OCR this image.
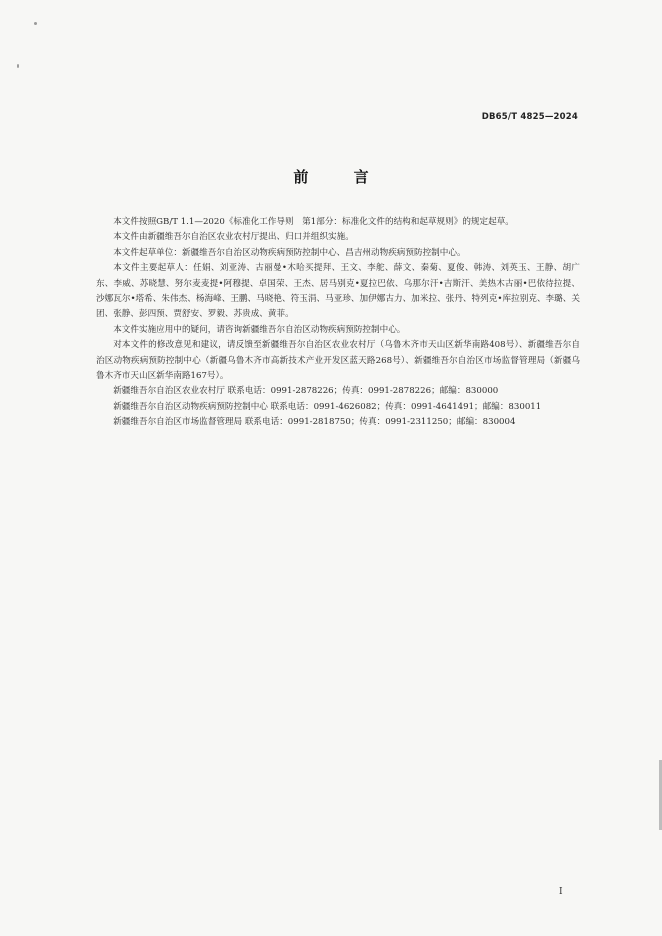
DB65/T 4825—2024
前 言

本文件按照GB/T 1.1—2020《标准化工作导则　第1部分：标准化文件的结构和起草规则》的规定起草。

本文件由新疆维吾尔自治区农业农村厅提出、归口并组织实施。

本文件起草单位：新疆维吾尔自治区动物疾病预防控制中心、昌吉州动物疾病预防控制中心。

本文件主要起草人：任娟、刘亚涛、古丽曼•木哈买提拜、王文、李舵、薛文、秦菊、夏俊、韩涛、刘英玉、王静、胡广东、李威、苏晓慧、努尔麦麦提•阿穆提、卓国荣、王杰、居马别克•夏拉巴依、乌那尔汗•吉斯汗、美热木古丽•巴依待拉提、沙娜瓦尔•塔希、朱伟杰、杨海峰、王鹏、马晓艳、符玉涓、马亚珍、加伊娜古力、加米拉、张丹、特列克•库拉别克、李璐、关团、张静、彭四预、贾舒安、罗毅、苏贵成、黄菲。

本文件实施应用中的疑问，请咨询新疆维吾尔自治区动物疾病预防控制中心。

对本文件的修改意见和建议，请反馈至新疆维吾尔自治区农业农村厅（乌鲁木齐市天山区新华南路408号）、新疆维吾尔自治区动物疾病预防控制中心（新疆乌鲁木齐市高新技术产业开发区蓝天路268号）、新疆维吾尔自治区市场监督管理局（新疆乌鲁木齐市天山区新华南路167号）。

新疆维吾尔自治区农业农村厅 联系电话：0991-2878226；传真：0991-2878226；邮编：830000

新疆维吾尔自治区动物疾病预防控制中心 联系电话：0991-4626082；传真：0991-4641491；邮编：830011

新疆维吾尔自治区市场监督管理局 联系电话：0991-2818750；传真：0991-2311250；邮编：830004

I
